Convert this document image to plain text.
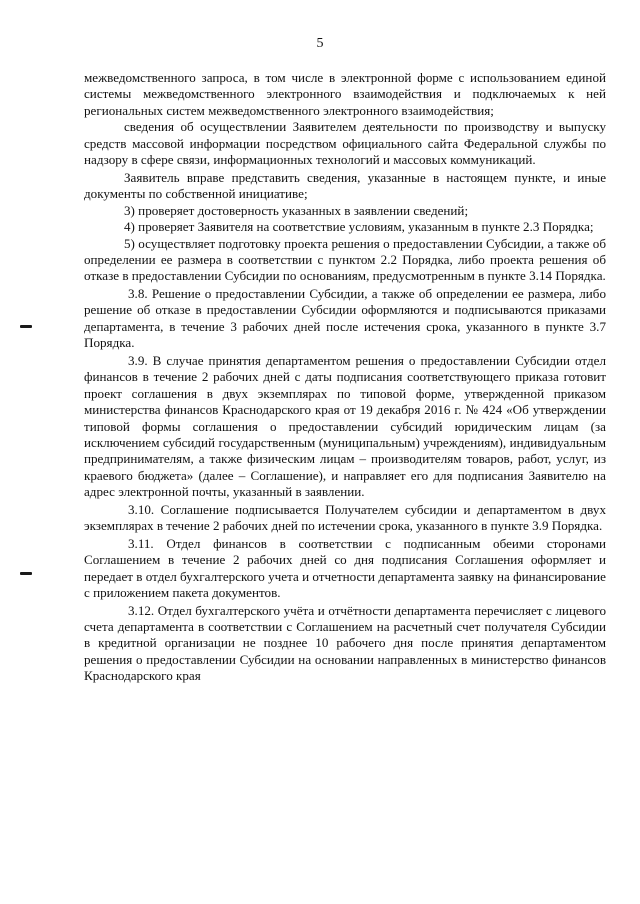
5

межведомственного запроса, в том числе в электронной форме с использованием единой системы межведомственного электронного взаимодействия и подключаемых к ней региональных систем межведомственного электронного взаимодействия;

сведения об осуществлении Заявителем деятельности по производству и выпуску средств массовой информации посредством официального сайта Федеральной службы по надзору в сфере связи, информационных технологий и массовых коммуникаций.

Заявитель вправе представить сведения, указанные в настоящем пункте, и иные документы по собственной инициативе;

3) проверяет достоверность указанных в заявлении сведений;

4) проверяет Заявителя на соответствие условиям, указанным в пункте 2.3 Порядка;

5) осуществляет подготовку проекта решения о предоставлении Субсидии, а также об определении ее размера в соответствии с пунктом 2.2 Порядка, либо проекта решения об отказе в предоставлении Субсидии по основаниям, предусмотренным в пункте 3.14 Порядка.

3.8. Решение о предоставлении Субсидии, а также об определении ее размера, либо решение об отказе в предоставлении Субсидии оформляются и подписываются приказами департамента, в течение 3 рабочих дней после истечения срока, указанного в пункте 3.7 Порядка.

3.9. В случае принятия департаментом решения о предоставлении Субсидии отдел финансов в течение 2 рабочих дней с даты подписания соответствующего приказа готовит проект соглашения в двух экземплярах по типовой форме, утвержденной приказом министерства финансов Краснодарского края от 19 декабря 2016 г. № 424 «Об утверждении типовой формы соглашения о предоставлении субсидий юридическим лицам (за исключением субсидий государственным (муниципальным) учреждениям), индивидуальным предпринимателям, а также физическим лицам – производителям товаров, работ, услуг, из краевого бюджета» (далее – Соглашение), и направляет его для подписания Заявителю на адрес электронной почты, указанный в заявлении.

3.10. Соглашение подписывается Получателем субсидии и департаментом в двух экземплярах в течение 2 рабочих дней по истечении срока, указанного в пункте 3.9 Порядка.

3.11. Отдел финансов в соответствии с подписанным обеими сторонами Соглашением в течение 2 рабочих дней со дня подписания Соглашения оформляет и передает в отдел бухгалтерского учета и отчетности департамента заявку на финансирование с приложением пакета документов.

3.12. Отдел бухгалтерского учёта и отчётности департамента перечисляет с лицевого счета департамента в соответствии с Соглашением на расчетный счет получателя Субсидии в кредитной организации не позднее 10 рабочего дня после принятия департаментом решения о предоставлении Субсидии на основании направленных в министерство финансов Краснодарского края
